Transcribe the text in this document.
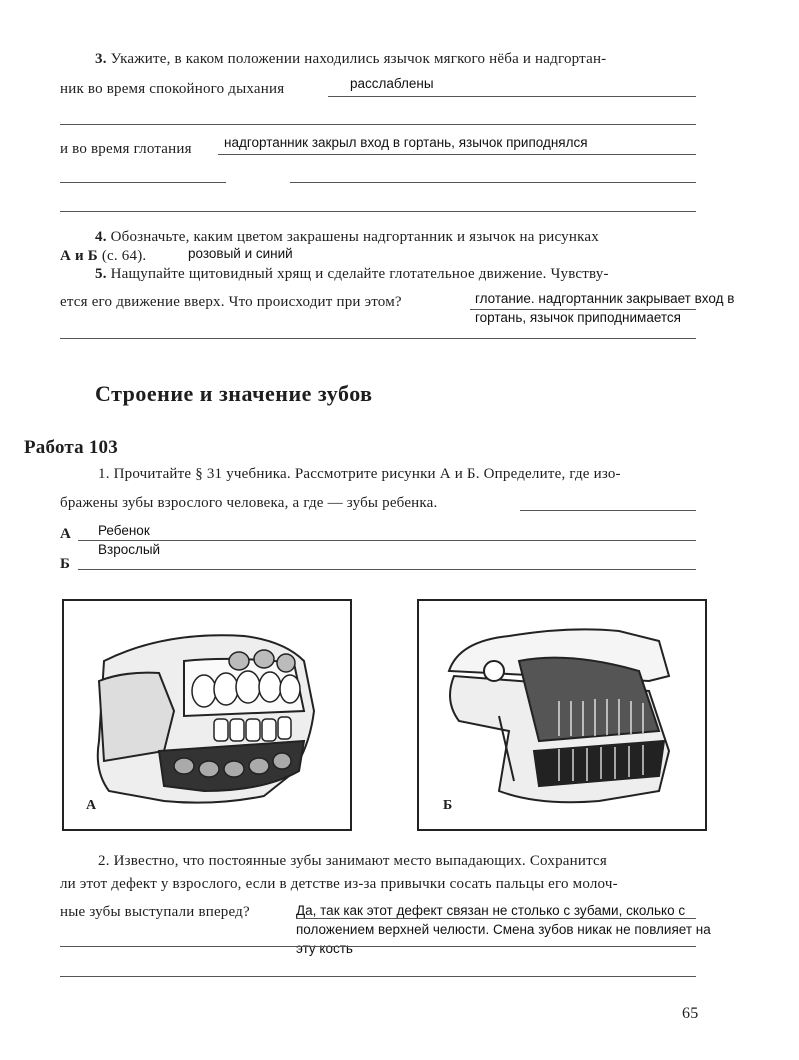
3. Укажите, в каком положении находились язычок мягкого нёба и надгортан-
ник во время спокойного дыхания	расслаблены
и во время глотания надгортанник закрыл вход в гортань, язычок приподнялся
4. Обозначьте, каким цветом закрашены надгортанник и язычок на рисунках
А и Б (с. 64).	розовый и синий
5. Нащупайте щитовидный хрящ и сделайте глотательное движение. Чувству-
ется его движение вверх. Что происходит при этом?	глотание. надгортанник закрывает вход в
гортань, язычок приподнимается
Строение и значение зубов
Работа 103
1. Прочитайте § 31 учебника. Рассмотрите рисунки А и Б. Определите, где изо-
бражены зубы взрослого человека, а где — зубы ребенка.
А Ребенок
Б
Взрослый
А	Б
2. Известно, что постоянные зубы занимают место выпадающих. Сохранится
ли этот дефект у взрослого, если в детстве из-за привычки сосать пальцы его молоч-
ные зубы выступали вперед?	Да, так как этот дефект связан не столько с зубами, сколько с
положением верхней челюсти. Смена зубов никак не повлияет на
эту кость
65
